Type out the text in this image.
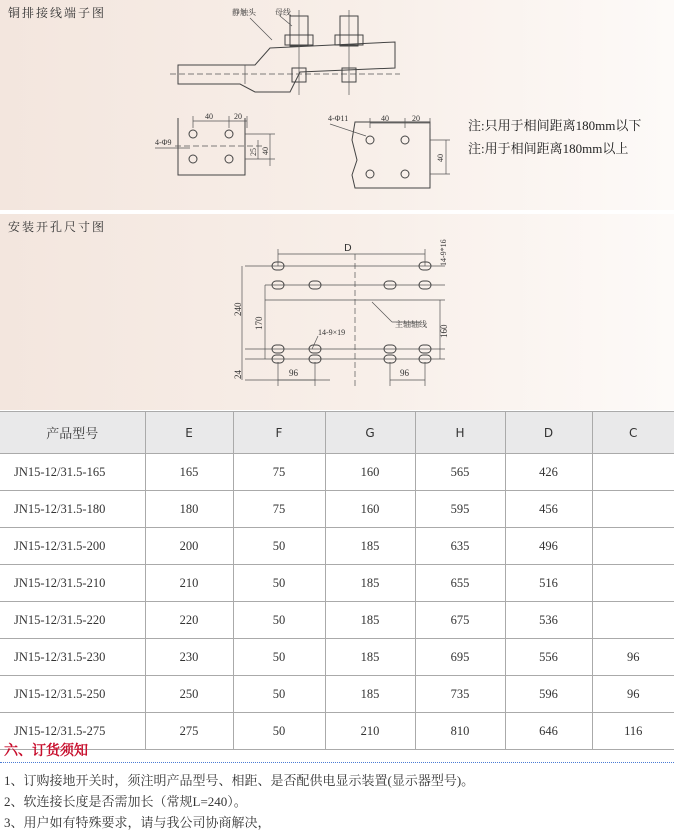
铜排接线端子图	静触头 母线
40	20
25 40
4-Φ9
40	20
4-Φ11
40
注:只用于相间距离180mm以下
注:用于相间距离180mm以上
安装开孔尺寸图
D	14-9*16
240
170
24
160
主轴轴线
14-9×19
96	96
产品型号	E	F	G	H	D	C
JN15-12/31.5-165	165	75	160	565	426	
JN15-12/31.5-180	180	75	160	595	456	
JN15-12/31.5-200	200	50	185	635	496	
JN15-12/31.5-210	210	50	185	655	516	
JN15-12/31.5-220	220	50	185	675	536	
JN15-12/31.5-230	230	50	185	695	556	96
JN15-12/31.5-250	250	50	185	735	596	96
JN15-12/31.5-275	275	50	210	810	646	116
六、订货须知
1、订购接地开关时，须注明产品型号、相距、是否配供电显示装置(显示器型号)。
2、软连接长度是否需加长（常规L=240）。
3、用户如有特殊要求，请与我公司协商解决，
